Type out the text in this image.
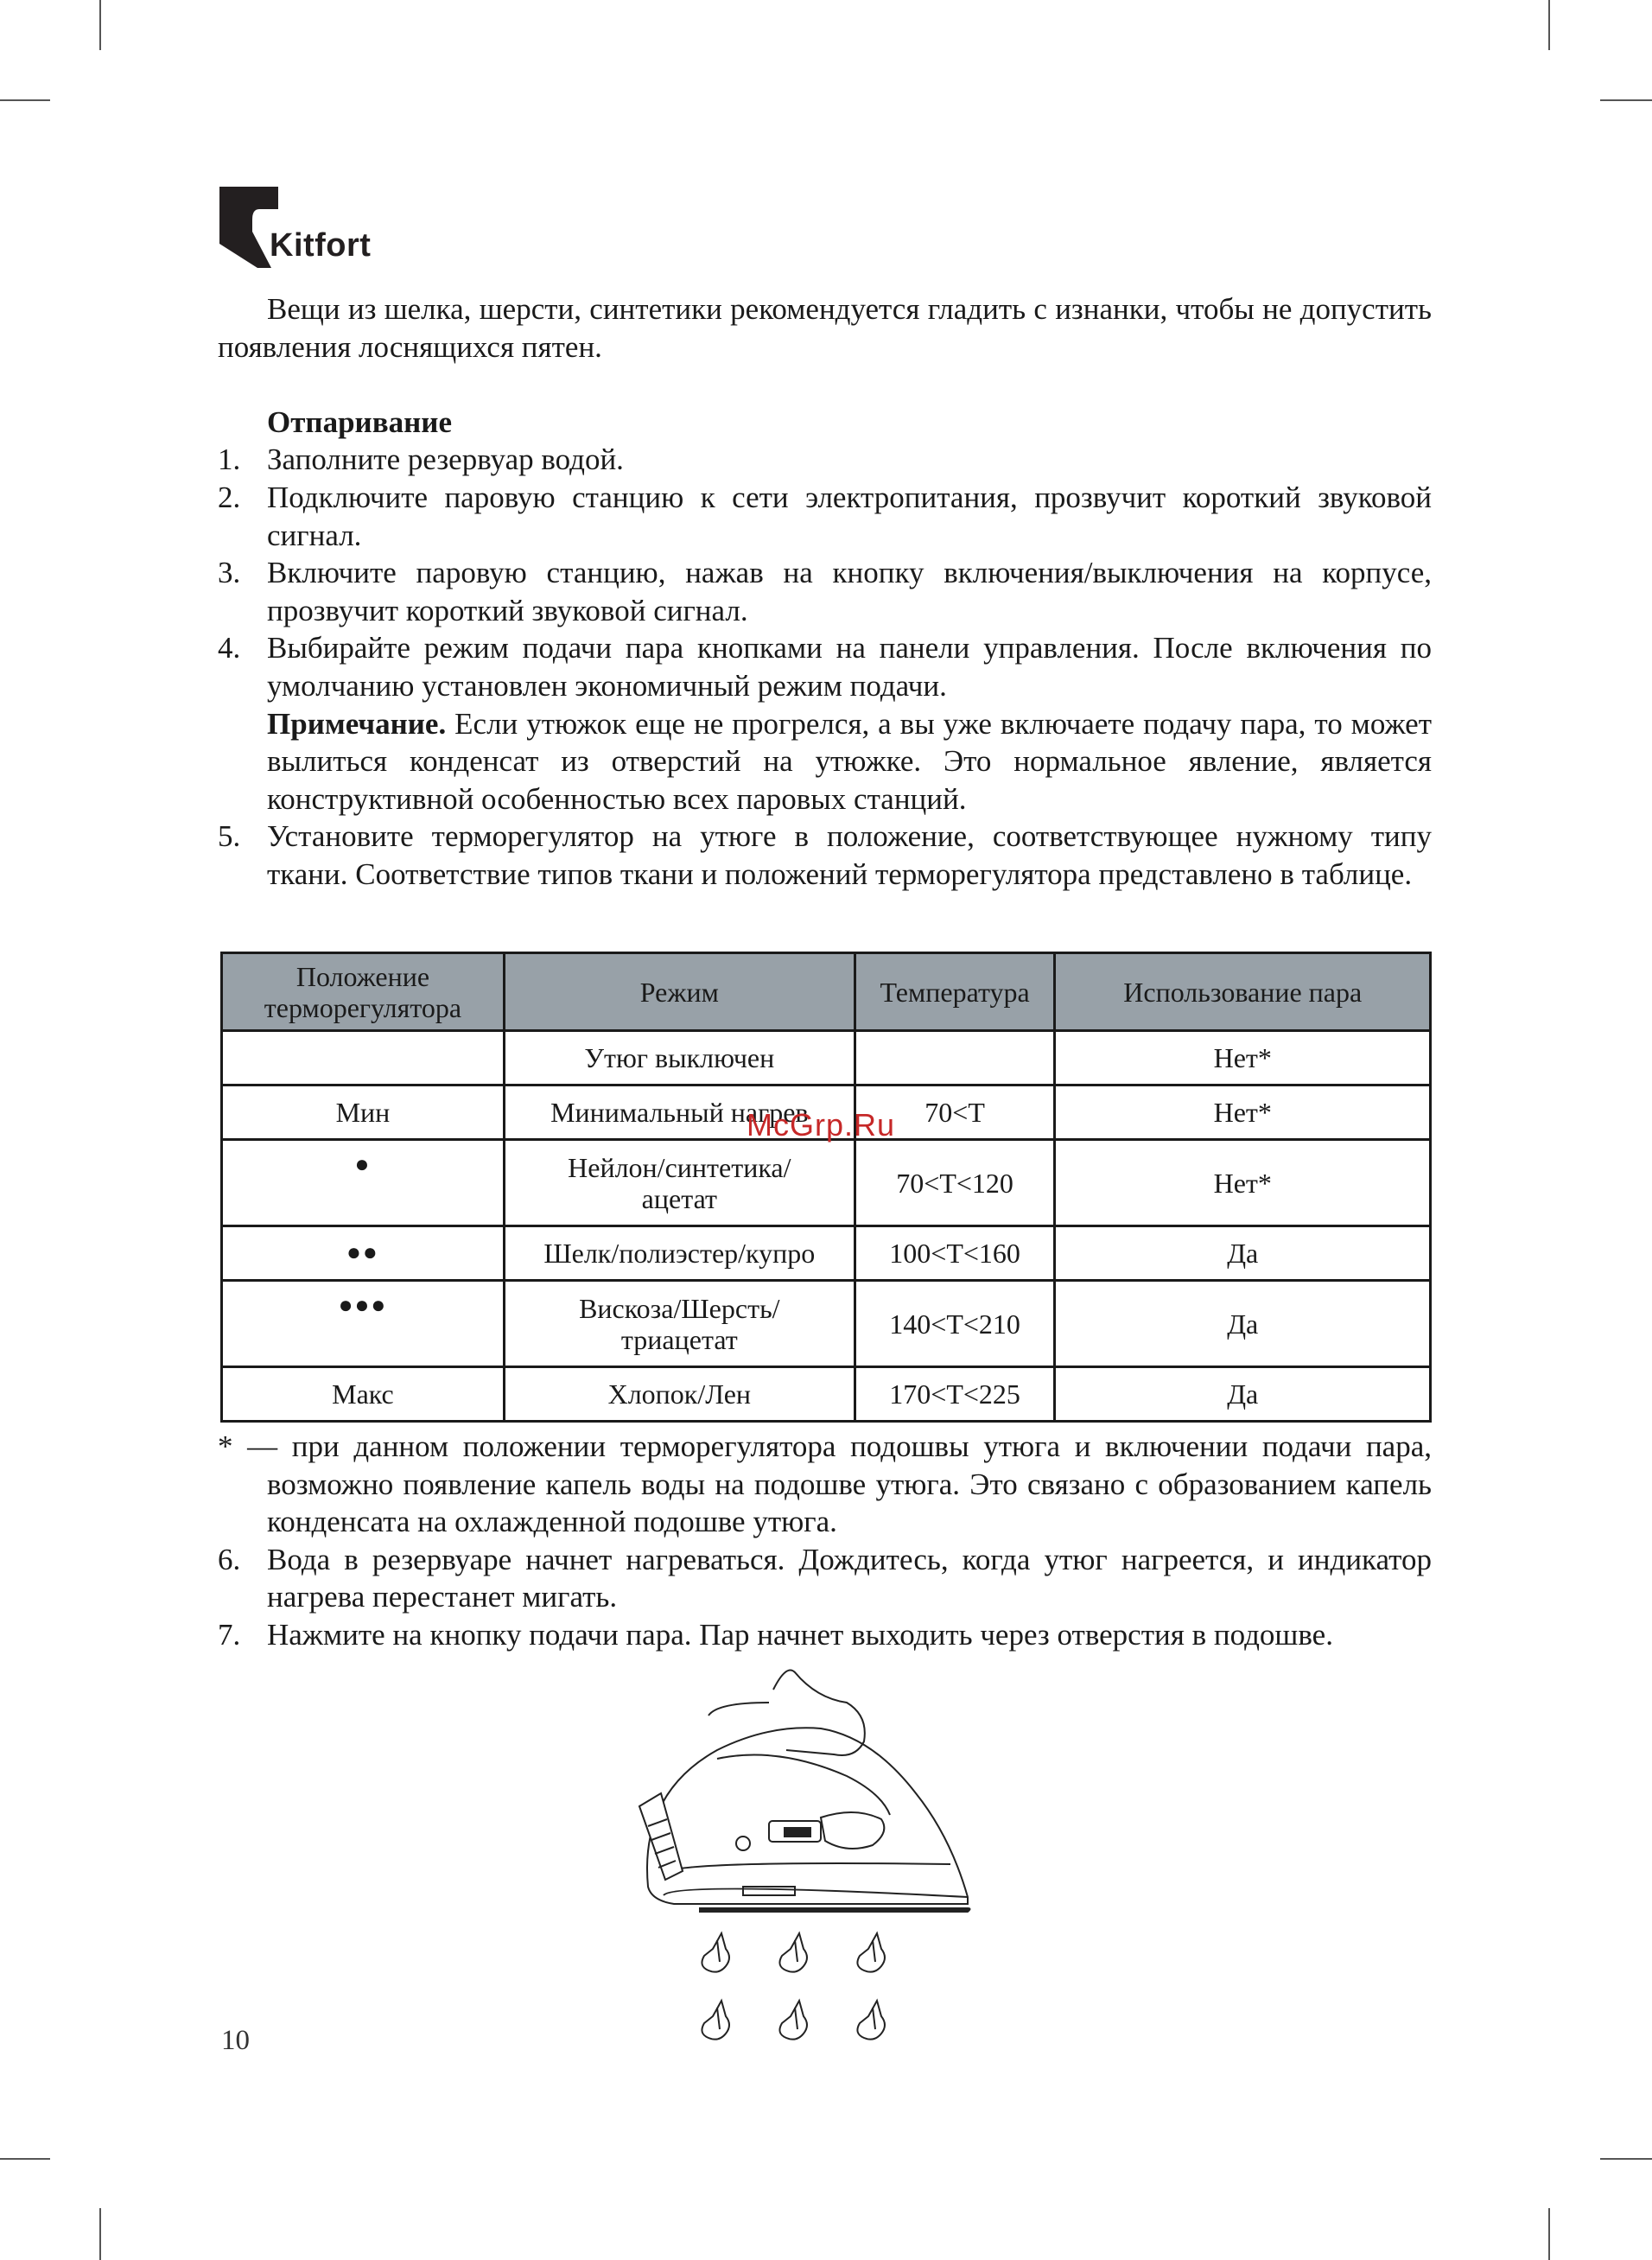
Kitfort

Вещи из шелка, шерсти, синтетики рекомендуется гладить с изнанки, чтобы не допустить появления лоснящихся пятен.

Отпаривание

1. Заполните резервуар водой.
2. Подключите паровую станцию к сети электропитания, прозвучит короткий звуковой сигнал.
3. Включите паровую станцию, нажав на кнопку включения/выключения на корпусе, прозвучит короткий звуковой сигнал.
4. Выбирайте режим подачи пара кнопками на панели управления. После включения по умолчанию установлен экономичный режим подачи.
Примечание. Если утюжок еще не прогрелся, а вы уже включаете подачу пара, то может вылиться конденсат из отверстий на утюжке. Это нормальное явление, является конструктивной особенностью всех паровых станций.
5. Установите терморегулятор на утюге в положение, соответствующее нужному типу ткани. Соответствие типов ткани и положений терморегулятора представлено в таблице.
Положение терморегулятора	Режим	Температура	Использование пара
	Утюг выключен		Нет*
Мин	Минимальный нагрев	70<T	Нет*
●	Нейлон/синтетика/ ацетат	70<T<120	Нет*
●●	Шелк/полиэстер/купро	100<T<160	Да
●●●	Вискоза/Шерсть/ триацетат	140<T<210	Да
Макс	Хлопок/Лен	170<T<225	Да
McGrp.Ru

* — при данном положении терморегулятора подошвы утюга и включении подачи пара, возможно появление капель воды на подошве утюга. Это связано с образованием капель конденсата на охлажденной подошве утюга.

6. Вода в резервуаре начнет нагреваться. Дождитесь, когда утюг нагреется, и индикатор нагрева перестанет мигать.
7. Нажмите на кнопку подачи пара. Пар начнет выходить через отверстия в подошве.
10
